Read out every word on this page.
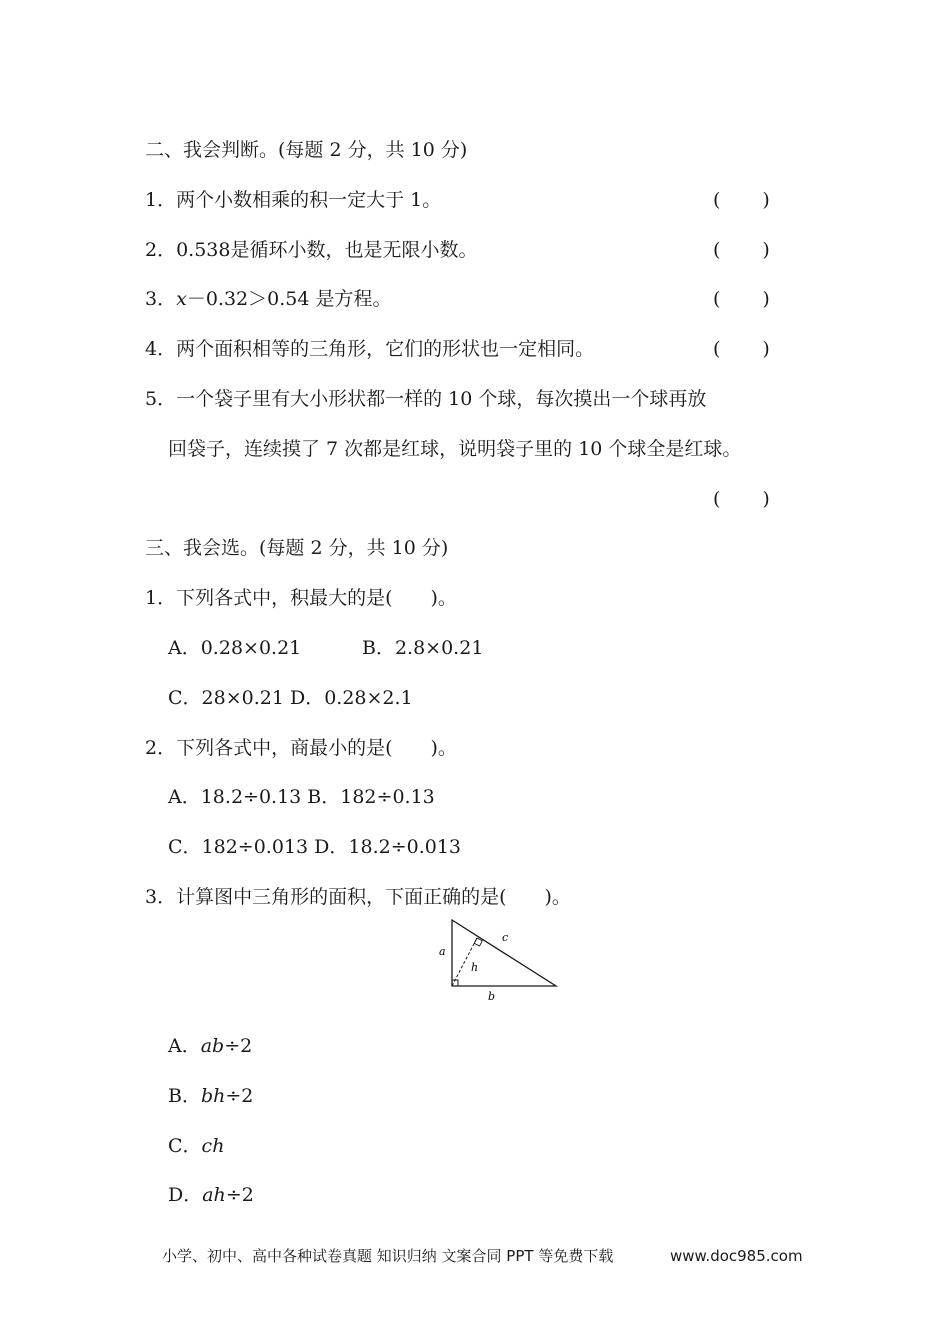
二、我会判断。(每题 2 分，共 10 分)
1．两个小数相乘的积一定大于 1。	( )
2．0.538是循环小数，也是无限小数。	( )
3．x－0.32＞0.54 是方程。	( )
4．两个面积相等的三角形，它们的形状也一定相同。	( )
5．一个袋子里有大小形状都一样的 10 个球，每次摸出一个球再放
回袋子，连续摸了 7 次都是红球，说明袋子里的 10 个球全是红球。
( )
三、我会选。(每题 2 分，共 10 分)
1．下列各式中，积最大的是(　　)。
A．0.28×0.21	B．2.8×0.21
C．28×0.21 D．0.28×2.1
2．下列各式中，商最小的是(　　)。
A．18.2÷0.13 B．182÷0.13
C．182÷0.013 D．18.2÷0.013
3．计算图中三角形的面积，下面正确的是(　　)。
a
b
c
h
A．ab÷2
B．bh÷2
C．ch
D．ah÷2
小学、初中、高中各种试卷真题 知识归纳 文案合同 PPT 等免费下载	www.doc985.com
